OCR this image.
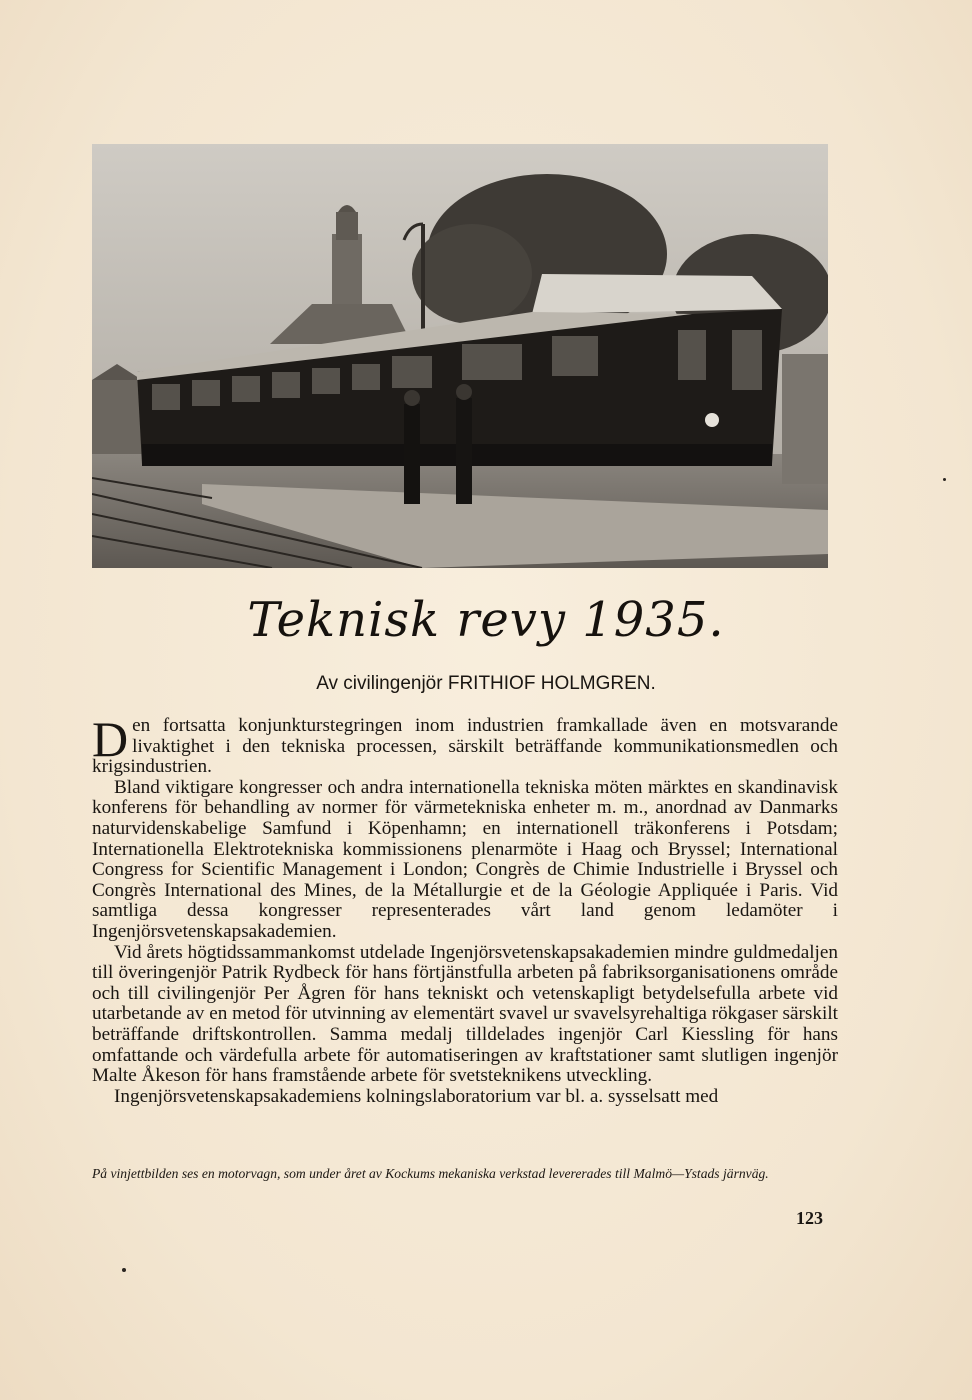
Teknisk revy 1935.
Av civilingenjör FRITHIOF HOLMGREN.

Den fortsatta konjunkturstegringen inom industrien framkallade även en motsvarande livaktighet i den tekniska processen, särskilt beträffande kommunikationsmedlen och krigsindustrien.

Bland viktigare kongresser och andra internationella tekniska möten märktes en skandinavisk konferens för behandling av normer för värmetekniska enheter m. m., anordnad av Danmarks naturvidenskabelige Samfund i Köpenhamn; en internationell träkonferens i Potsdam; Internationella Elektrotekniska kommissionens plenarmöte i Haag och Bryssel; International Congress for Scientific Management i London; Congrès de Chimie Industrielle i Bryssel och Congrès International des Mines, de la Métallurgie et de la Géologie Appliquée i Paris. Vid samtliga dessa kongresser representerades vårt land genom ledamöter i Ingenjörsvetenskapsakademien.

Vid årets högtidssammankomst utdelade Ingenjörsvetenskapsakademien mindre guldmedaljen till överingenjör Patrik Rydbeck för hans förtjänstfulla arbeten på fabriksorganisationens område och till civilingenjör Per Ågren för hans tekniskt och vetenskapligt betydelsefulla arbete vid utarbetande av en metod för utvinning av elementärt svavel ur svavelsyrehaltiga rökgaser särskilt beträffande driftskontrollen. Samma medalj tilldelades ingenjör Carl Kiessling för hans omfattande och värdefulla arbete för automatiseringen av kraftstationer samt slutligen ingenjör Malte Åkeson för hans framstående arbete för svetsteknikens utveckling.

Ingenjörsvetenskapsakademiens kolningslaboratorium var bl. a. sysselsatt med

På vinjettbilden ses en motorvagn, som under året av Kockums mekaniska verkstad levererades till Malmö—Ystads järnväg.
123
